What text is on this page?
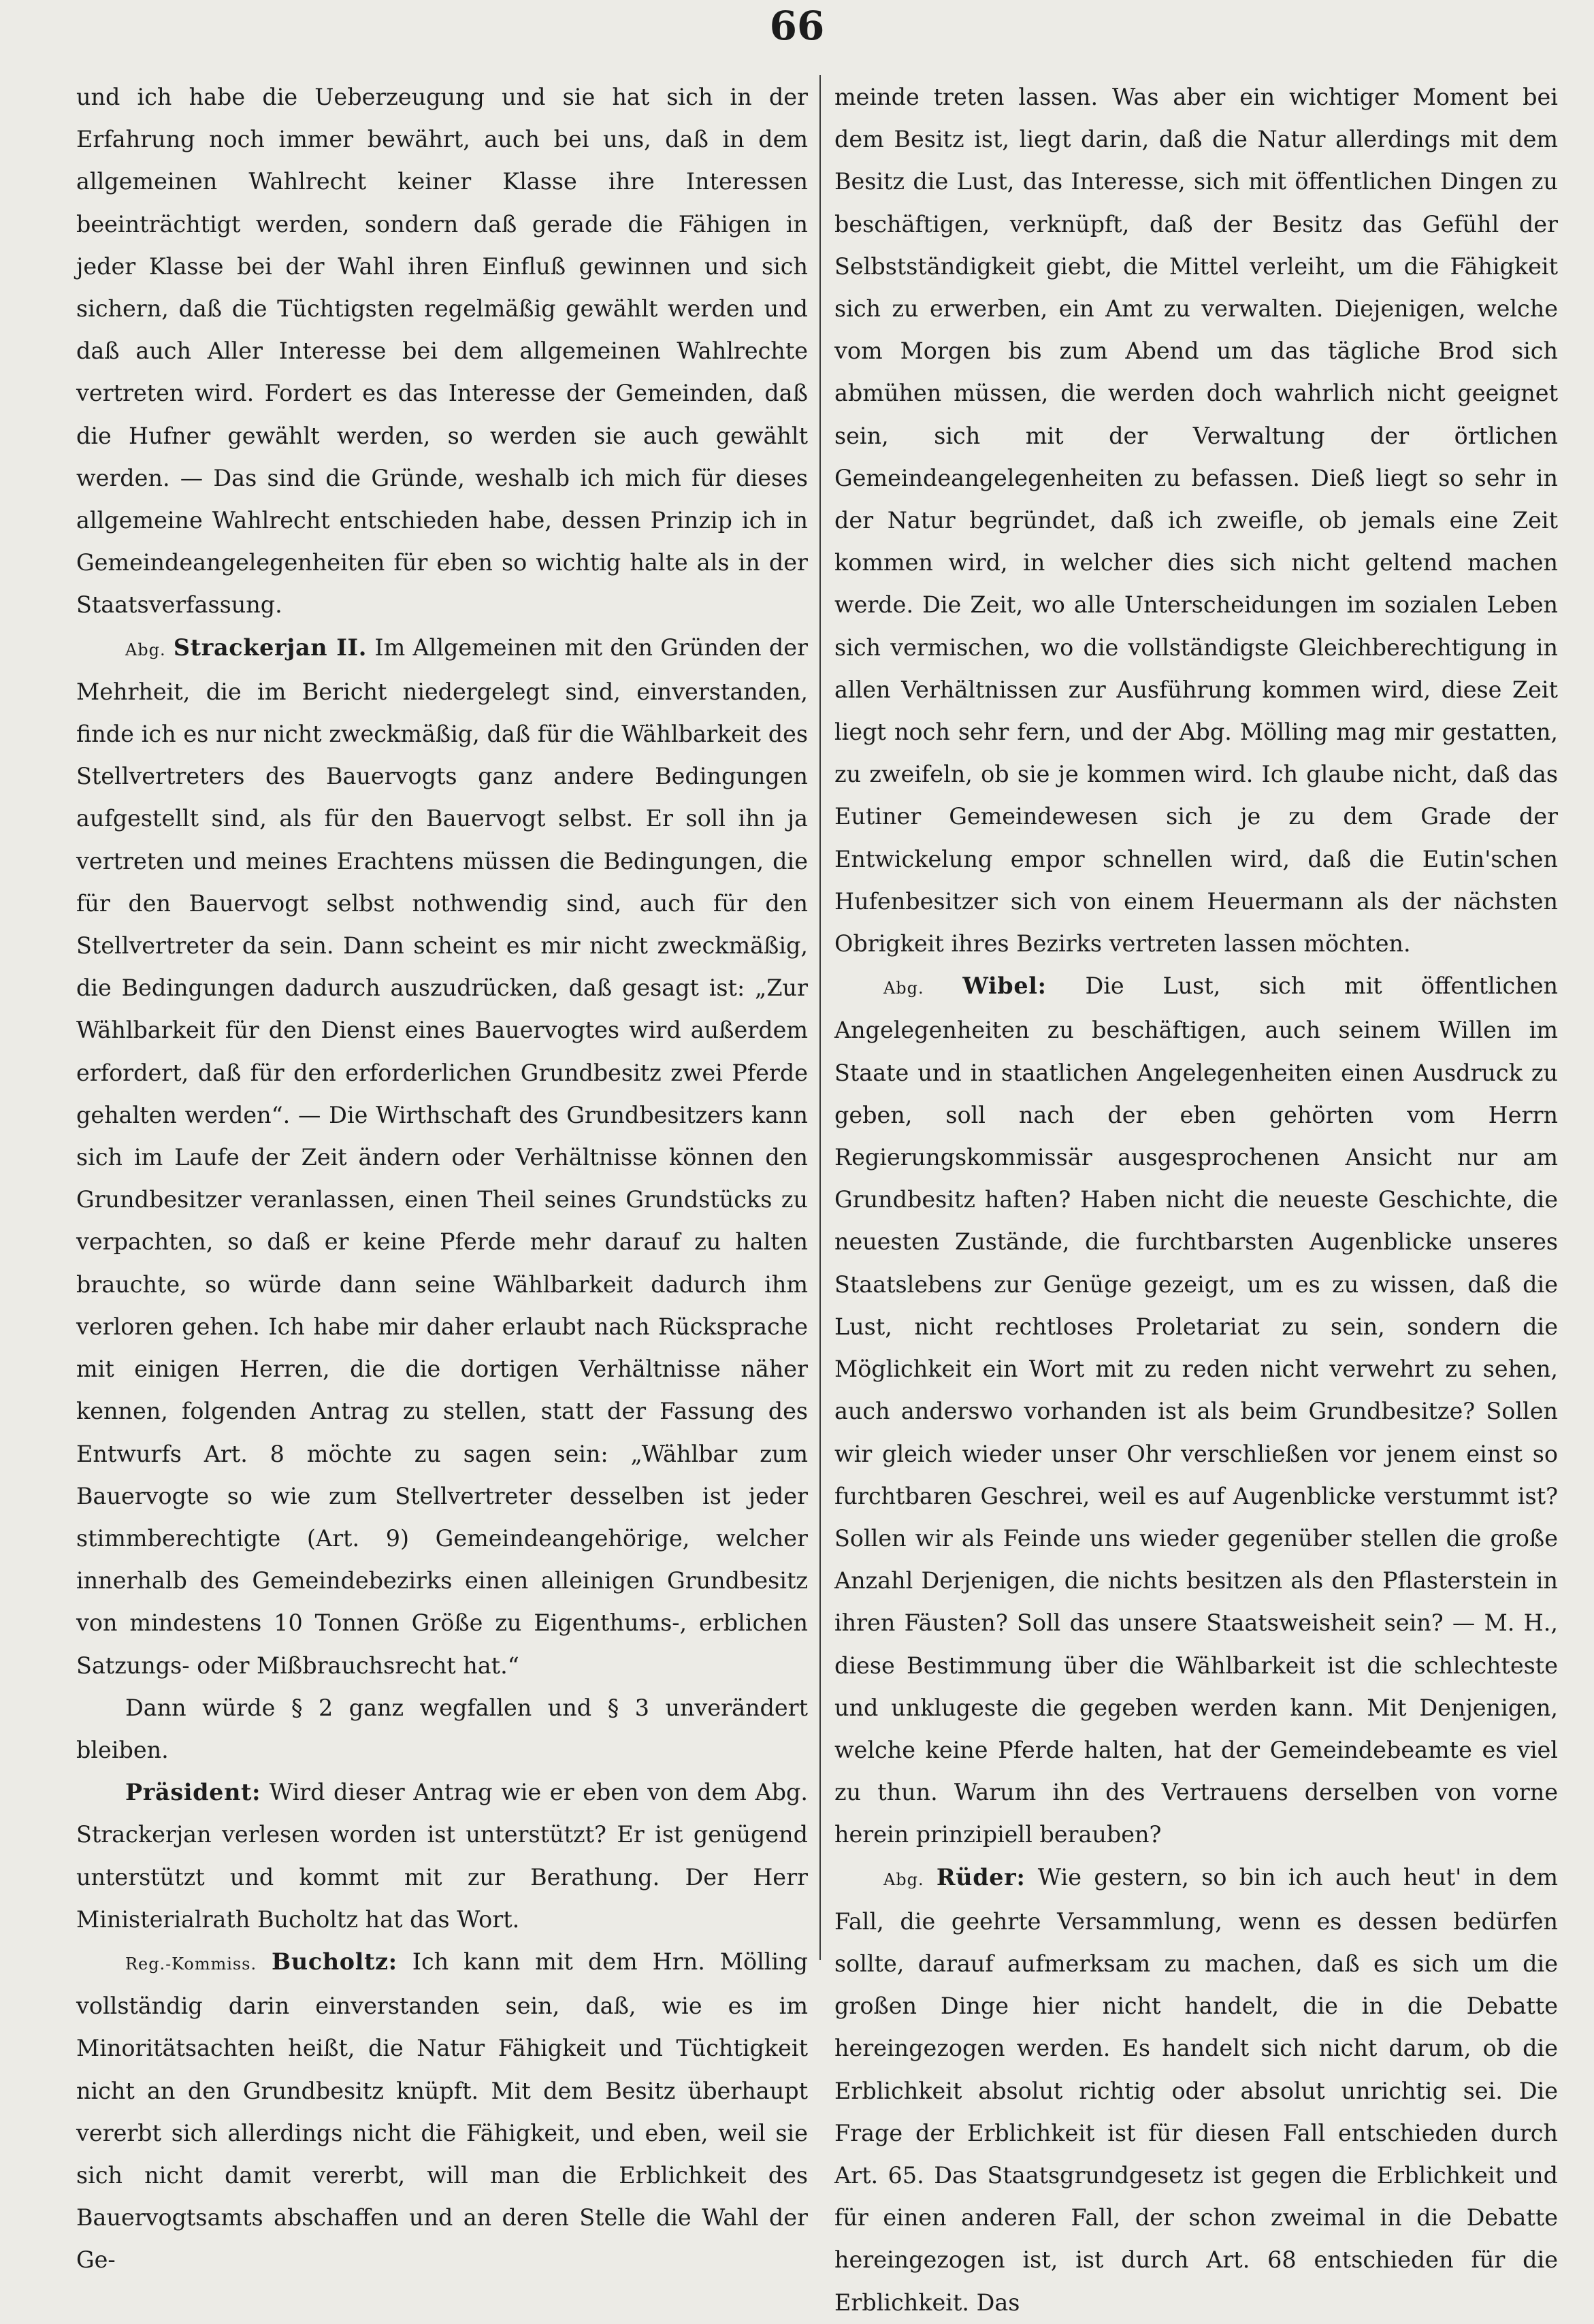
66

und ich habe die Ueberzeugung und sie hat sich in der Erfahrung noch immer bewährt, auch bei uns, daß in dem allgemeinen Wahlrecht keiner Klasse ihre Interessen beeinträchtigt werden, sondern daß gerade die Fähigen in jeder Klasse bei der Wahl ihren Einfluß gewinnen und sich sichern, daß die Tüchtigsten regelmäßig gewählt werden und daß auch Aller Interesse bei dem allgemeinen Wahlrechte vertreten wird. Fordert es das Interesse der Gemeinden, daß die Hufner gewählt werden, so werden sie auch gewählt werden. — Das sind die Gründe, weshalb ich mich für dieses allgemeine Wahlrecht entschieden habe, dessen Prinzip ich in Gemeindeangelegenheiten für eben so wichtig halte als in der Staatsverfassung.

Abg. Strackerjan II. Im Allgemeinen mit den Gründen der Mehrheit, die im Bericht niedergelegt sind, einverstanden, finde ich es nur nicht zweckmäßig, daß für die Wählbarkeit des Stellvertreters des Bauervogts ganz andere Bedingungen aufgestellt sind, als für den Bauervogt selbst. Er soll ihn ja vertreten und meines Erachtens müssen die Bedingungen, die für den Bauervogt selbst nothwendig sind, auch für den Stellvertreter da sein. Dann scheint es mir nicht zweckmäßig, die Bedingungen dadurch auszudrücken, daß gesagt ist: „Zur Wählbarkeit für den Dienst eines Bauervogtes wird außerdem erfordert, daß für den erforderlichen Grundbesitz zwei Pferde gehalten werden“. — Die Wirthschaft des Grundbesitzers kann sich im Laufe der Zeit ändern oder Verhältnisse können den Grundbesitzer veranlassen, einen Theil seines Grundstücks zu verpachten, so daß er keine Pferde mehr darauf zu halten brauchte, so würde dann seine Wählbarkeit dadurch ihm verloren gehen. Ich habe mir daher erlaubt nach Rücksprache mit einigen Herren, die die dortigen Verhältnisse näher kennen, folgenden Antrag zu stellen, statt der Fassung des Entwurfs Art. 8 möchte zu sagen sein: „Wählbar zum Bauervogte so wie zum Stellvertreter desselben ist jeder stimmberechtigte (Art. 9) Gemeindeangehörige, welcher innerhalb des Gemeindebezirks einen alleinigen Grundbesitz von mindestens 10 Tonnen Größe zu Eigenthums-, erblichen Satzungs- oder Mißbrauchsrecht hat.“

Dann würde § 2 ganz wegfallen und § 3 unverändert bleiben.

Präsident: Wird dieser Antrag wie er eben von dem Abg. Strackerjan verlesen worden ist unterstützt? Er ist genügend unterstützt und kommt mit zur Berathung. Der Herr Ministerialrath Bucholtz hat das Wort.

Reg.-Kommiss. Bucholtz: Ich kann mit dem Hrn. Mölling vollständig darin einverstanden sein, daß, wie es im Minoritätsachten heißt, die Natur Fähigkeit und Tüchtigkeit nicht an den Grundbesitz knüpft. Mit dem Besitz überhaupt vererbt sich allerdings nicht die Fähigkeit, und eben, weil sie sich nicht damit vererbt, will man die Erblichkeit des Bauervogtsamts abschaffen und an deren Stelle die Wahl der Ge-

meinde treten lassen. Was aber ein wichtiger Moment bei dem Besitz ist, liegt darin, daß die Natur allerdings mit dem Besitz die Lust, das Interesse, sich mit öffentlichen Dingen zu beschäftigen, verknüpft, daß der Besitz das Gefühl der Selbstständigkeit giebt, die Mittel verleiht, um die Fähigkeit sich zu erwerben, ein Amt zu verwalten. Diejenigen, welche vom Morgen bis zum Abend um das tägliche Brod sich abmühen müssen, die werden doch wahrlich nicht geeignet sein, sich mit der Verwaltung der örtlichen Gemeindeangelegenheiten zu befassen. Dieß liegt so sehr in der Natur begründet, daß ich zweifle, ob jemals eine Zeit kommen wird, in welcher dies sich nicht geltend machen werde. Die Zeit, wo alle Unterscheidungen im sozialen Leben sich vermischen, wo die vollständigste Gleichberechtigung in allen Verhältnissen zur Ausführung kommen wird, diese Zeit liegt noch sehr fern, und der Abg. Mölling mag mir gestatten, zu zweifeln, ob sie je kommen wird. Ich glaube nicht, daß das Eutiner Gemeindewesen sich je zu dem Grade der Entwickelung empor schnellen wird, daß die Eutin'schen Hufenbesitzer sich von einem Heuermann als der nächsten Obrigkeit ihres Bezirks vertreten lassen möchten.

Abg. Wibel: Die Lust, sich mit öffentlichen Angelegenheiten zu beschäftigen, auch seinem Willen im Staate und in staatlichen Angelegenheiten einen Ausdruck zu geben, soll nach der eben gehörten vom Herrn Regierungskommissär ausgesprochenen Ansicht nur am Grundbesitz haften? Haben nicht die neueste Geschichte, die neuesten Zustände, die furchtbarsten Augenblicke unseres Staatslebens zur Genüge gezeigt, um es zu wissen, daß die Lust, nicht rechtloses Proletariat zu sein, sondern die Möglichkeit ein Wort mit zu reden nicht verwehrt zu sehen, auch anderswo vorhanden ist als beim Grundbesitze? Sollen wir gleich wieder unser Ohr verschließen vor jenem einst so furchtbaren Geschrei, weil es auf Augenblicke verstummt ist? Sollen wir als Feinde uns wieder gegenüber stellen die große Anzahl Derjenigen, die nichts besitzen als den Pflasterstein in ihren Fäusten? Soll das unsere Staatsweisheit sein? — M. H., diese Bestimmung über die Wählbarkeit ist die schlechteste und unklugeste die gegeben werden kann. Mit Denjenigen, welche keine Pferde halten, hat der Gemeindebeamte es viel zu thun. Warum ihn des Vertrauens derselben von vorne herein prinzipiell berauben?

Abg. Rüder: Wie gestern, so bin ich auch heut' in dem Fall, die geehrte Versammlung, wenn es dessen bedürfen sollte, darauf aufmerksam zu machen, daß es sich um die großen Dinge hier nicht handelt, die in die Debatte hereingezogen werden. Es handelt sich nicht darum, ob die Erblichkeit absolut richtig oder absolut unrichtig sei. Die Frage der Erblichkeit ist für diesen Fall entschieden durch Art. 65. Das Staatsgrundgesetz ist gegen die Erblichkeit und für einen anderen Fall, der schon zweimal in die Debatte hereingezogen ist, ist durch Art. 68 entschieden für die Erblichkeit. Das
